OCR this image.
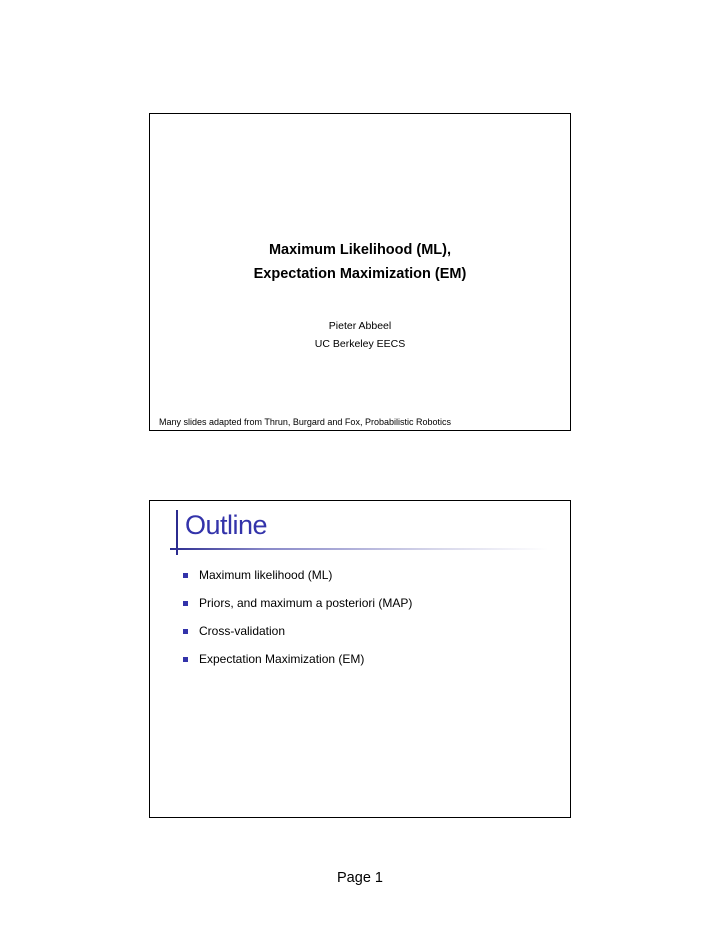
Maximum Likelihood (ML),
Expectation Maximization (EM)
Pieter Abbeel
UC Berkeley EECS
Many slides adapted from Thrun, Burgard and Fox, Probabilistic Robotics
Outline
Maximum likelihood (ML)
Priors, and maximum a posteriori (MAP)
Cross-validation
Expectation Maximization (EM)
Page 1
